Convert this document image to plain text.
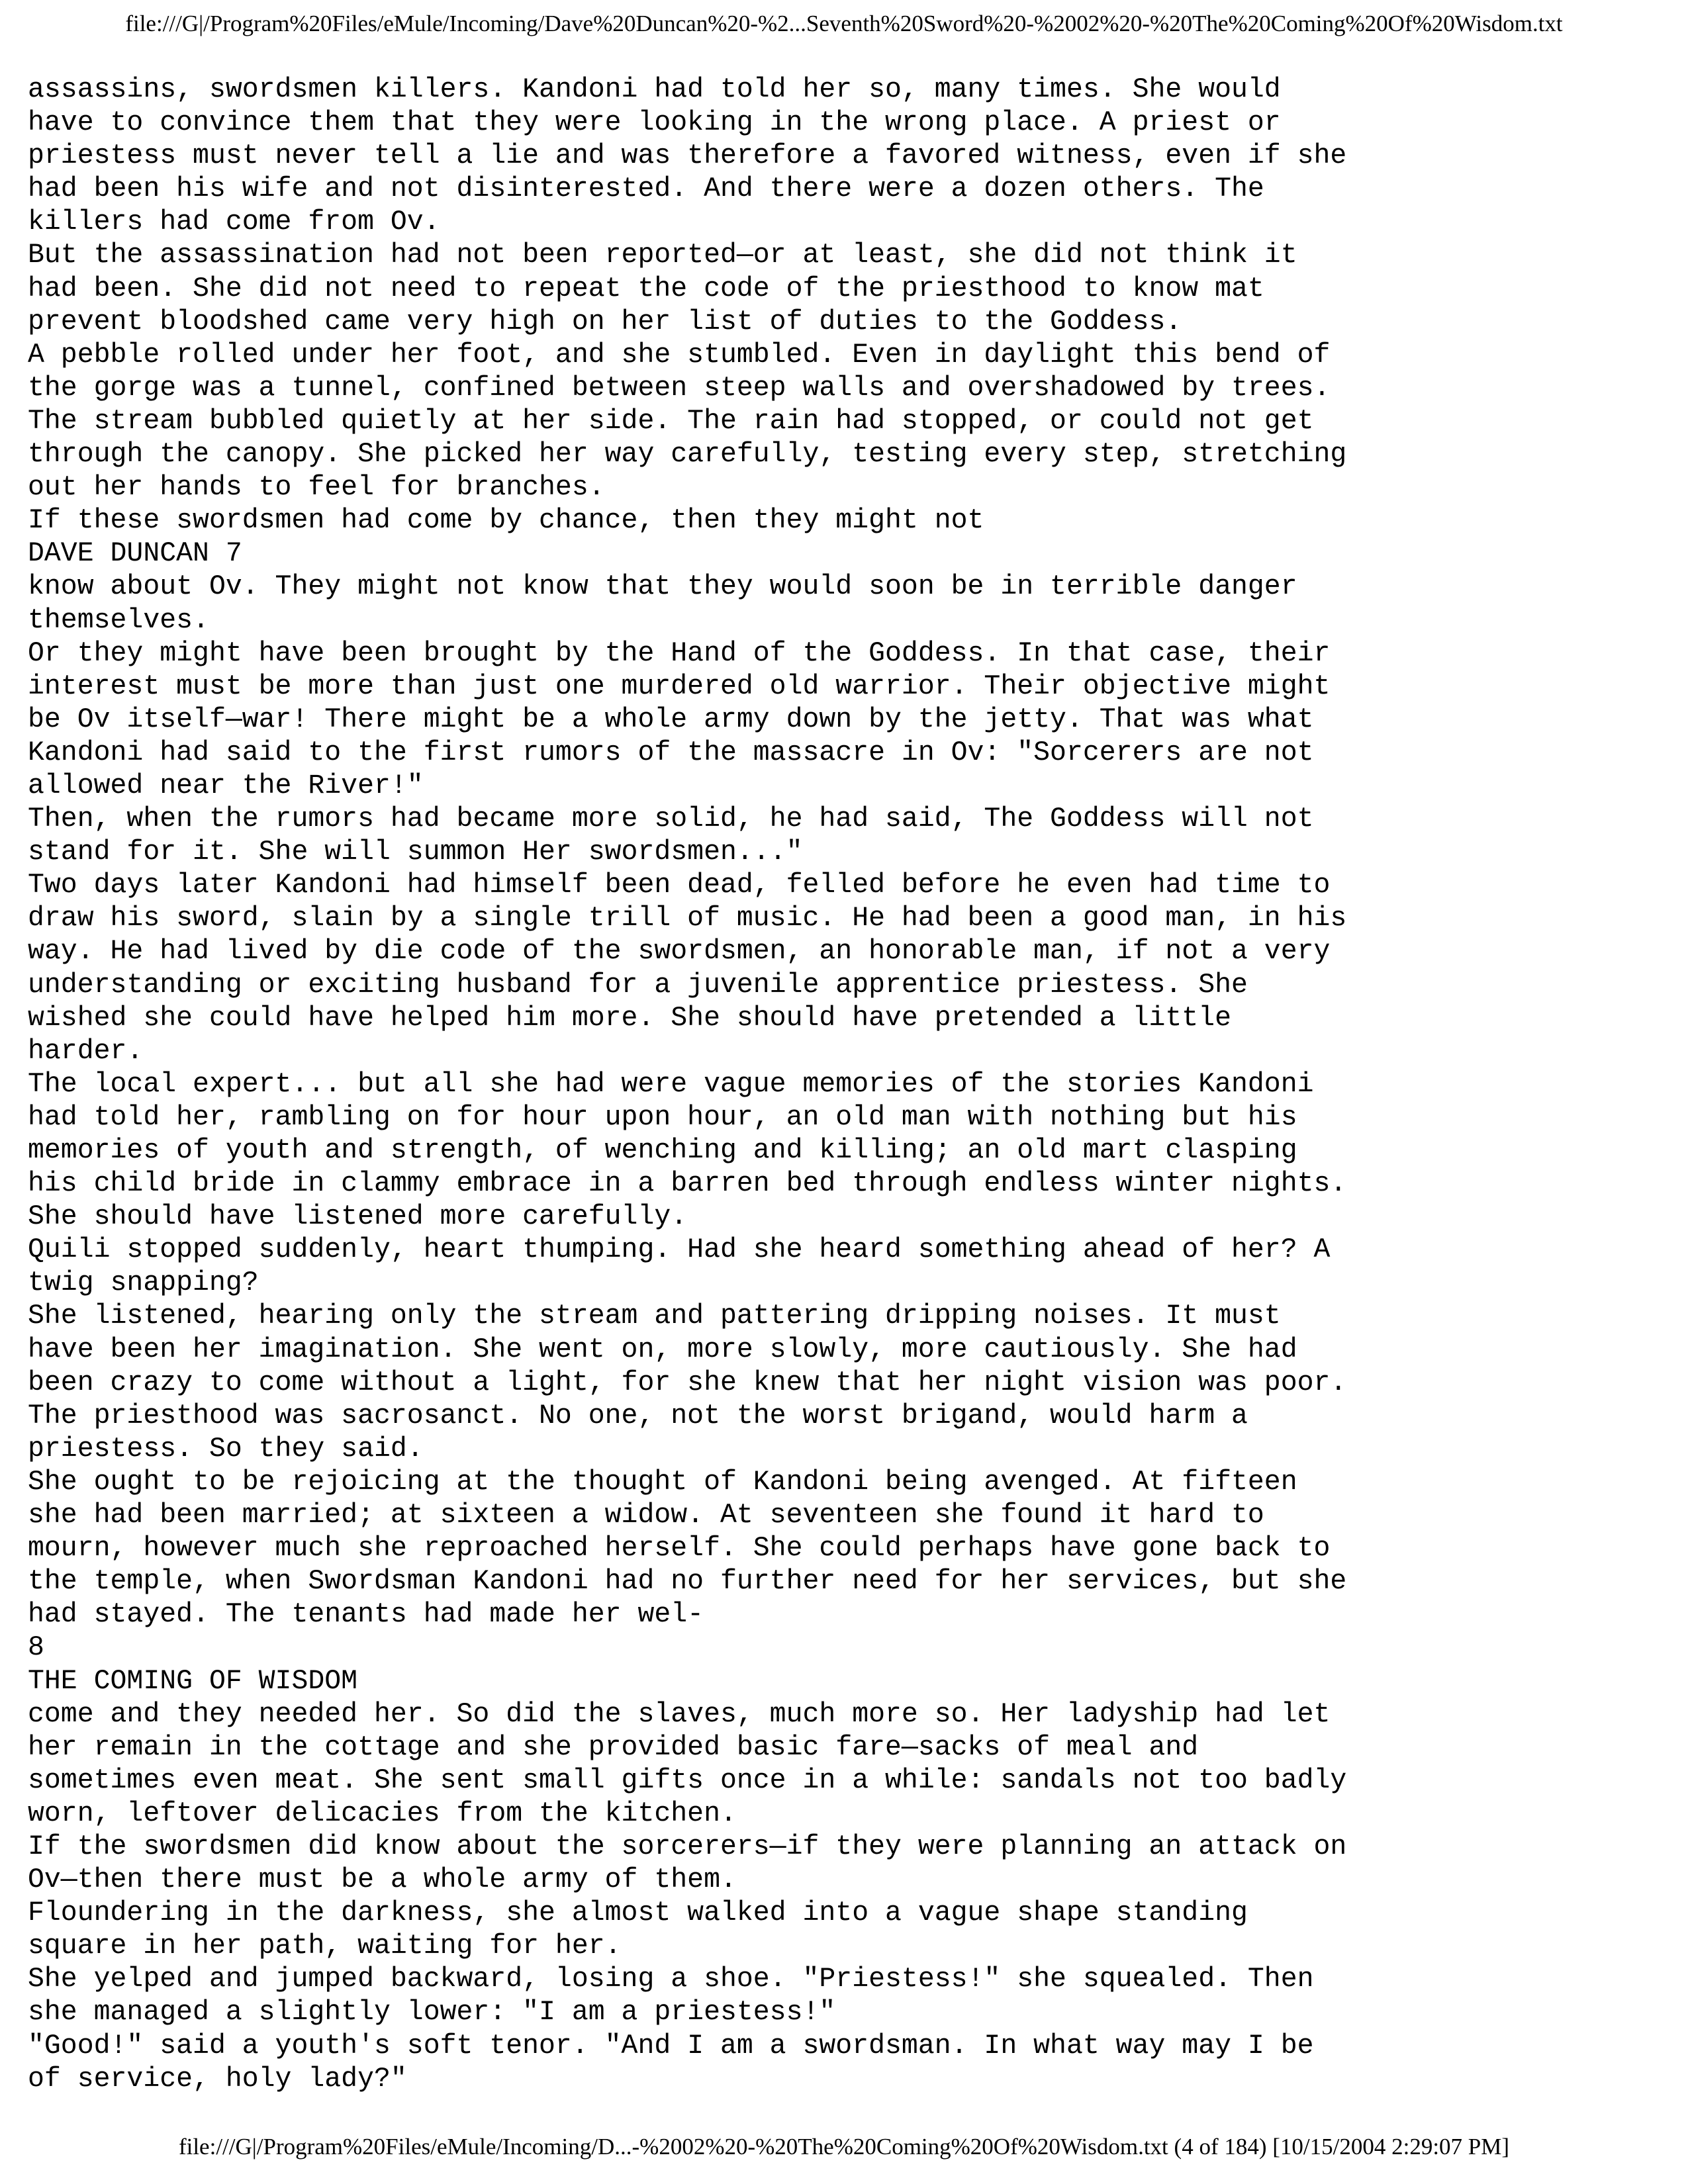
file:///G|/Program%20Files/eMule/Incoming/Dave%20Duncan%20-%2...Seventh%20Sword%20-%2002%20-%20The%20Coming%20Of%20Wisdom.txt
assassins, swordsmen killers. Kandoni had told her so, many times. She would
have to convince them that they were looking in the wrong place. A priest or
priestess must never tell a lie and was therefore a favored witness, even if she
had been his wife and not disinterested. And there were a dozen others. The
killers had come from Ov.
But the assassination had not been reported—or at least, she did not think it
had been. She did not need to repeat the code of the priesthood to know mat
prevent bloodshed came very high on her list of duties to the Goddess.
A pebble rolled under her foot, and she stumbled. Even in daylight this bend of
the gorge was a tunnel, confined between steep walls and overshadowed by trees.
The stream bubbled quietly at her side. The rain had stopped, or could not get
through the canopy. She picked her way carefully, testing every step, stretching
out her hands to feel for branches.
If these swordsmen had come by chance, then they might not
DAVE DUNCAN 7
know about Ov. They might not know that they would soon be in terrible danger
themselves.
Or they might have been brought by the Hand of the Goddess. In that case, their
interest must be more than just one murdered old warrior. Their objective might
be Ov itself—war! There might be a whole army down by the jetty. That was what
Kandoni had said to the first rumors of the massacre in Ov: "Sorcerers are not
allowed near the River!"
Then, when the rumors had became more solid, he had said, The Goddess will not
stand for it. She will summon Her swordsmen..."
Two days later Kandoni had himself been dead, felled before he even had time to
draw his sword, slain by a single trill of music. He had been a good man, in his
way. He had lived by die code of the swordsmen, an honorable man, if not a very
understanding or exciting husband for a juvenile apprentice priestess. She
wished she could have helped him more. She should have pretended a little
harder.
The local expert... but all she had were vague memories of the stories Kandoni
had told her, rambling on for hour upon hour, an old man with nothing but his
memories of youth and strength, of wenching and killing; an old mart clasping
his child bride in clammy embrace in a barren bed through endless winter nights.
She should have listened more carefully.
Quili stopped suddenly, heart thumping. Had she heard something ahead of her? A
twig snapping?
She listened, hearing only the stream and pattering dripping noises. It must
have been her imagination. She went on, more slowly, more cautiously. She had
been crazy to come without a light, for she knew that her night vision was poor.
The priesthood was sacrosanct. No one, not the worst brigand, would harm a
priestess. So they said.
She ought to be rejoicing at the thought of Kandoni being avenged. At fifteen
she had been married; at sixteen a widow. At seventeen she found it hard to
mourn, however much she reproached herself. She could perhaps have gone back to
the temple, when Swordsman Kandoni had no further need for her services, but she
had stayed. The tenants had made her wel-
8
THE COMING OF WISDOM
come and they needed her. So did the slaves, much more so. Her ladyship had let
her remain in the cottage and she provided basic fare—sacks of meal and
sometimes even meat. She sent small gifts once in a while: sandals not too badly
worn, leftover delicacies from the kitchen.
If the swordsmen did know about the sorcerers—if they were planning an attack on
Ov—then there must be a whole army of them.
Floundering in the darkness, she almost walked into a vague shape standing
square in her path, waiting for her.
She yelped and jumped backward, losing a shoe. "Priestess!" she squealed. Then
she managed a slightly lower: "I am a priestess!"
"Good!" said a youth's soft tenor. "And I am a swordsman. In what way may I be
of service, holy lady?"
file:///G|/Program%20Files/eMule/Incoming/D...-%2002%20-%20The%20Coming%20Of%20Wisdom.txt (4 of 184) [10/15/2004 2:29:07 PM]
